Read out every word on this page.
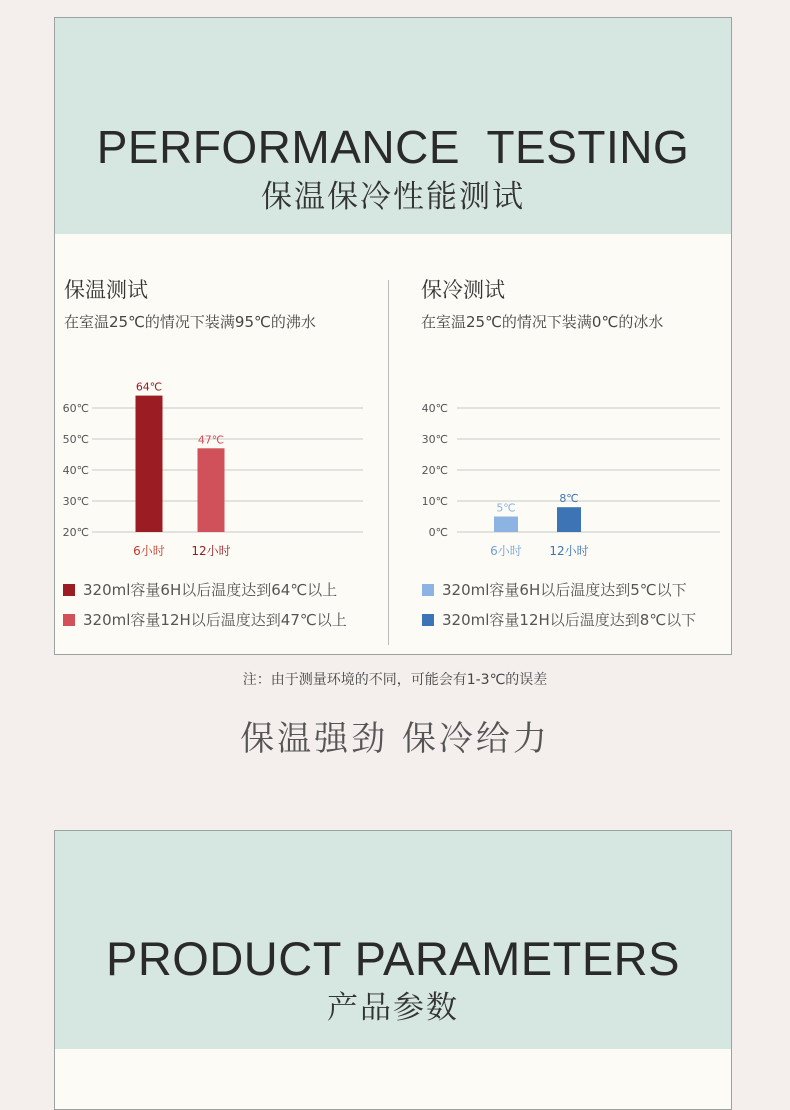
PERFORMANCE TESTING
保温保冷性能测试
保温测试
在室温25℃的情况下装满95℃的沸水
20℃
30℃
40℃
50℃
60℃
64℃
6小时
47℃
12小时
320ml容量6H以后温度达到64℃以上
320ml容量12H以后温度达到47℃以上
保冷测试
在室温25℃的情况下装满0℃的冰水
0℃
10℃
20℃
30℃
40℃
5℃
6小时
8℃
12小时
320ml容量6H以后温度达到5℃以下
320ml容量12H以后温度达到8℃以下
注：由于测量环境的不同，可能会有1-3℃的误差
保温强劲 保冷给力
PRODUCT PARAMETERS
产品参数
